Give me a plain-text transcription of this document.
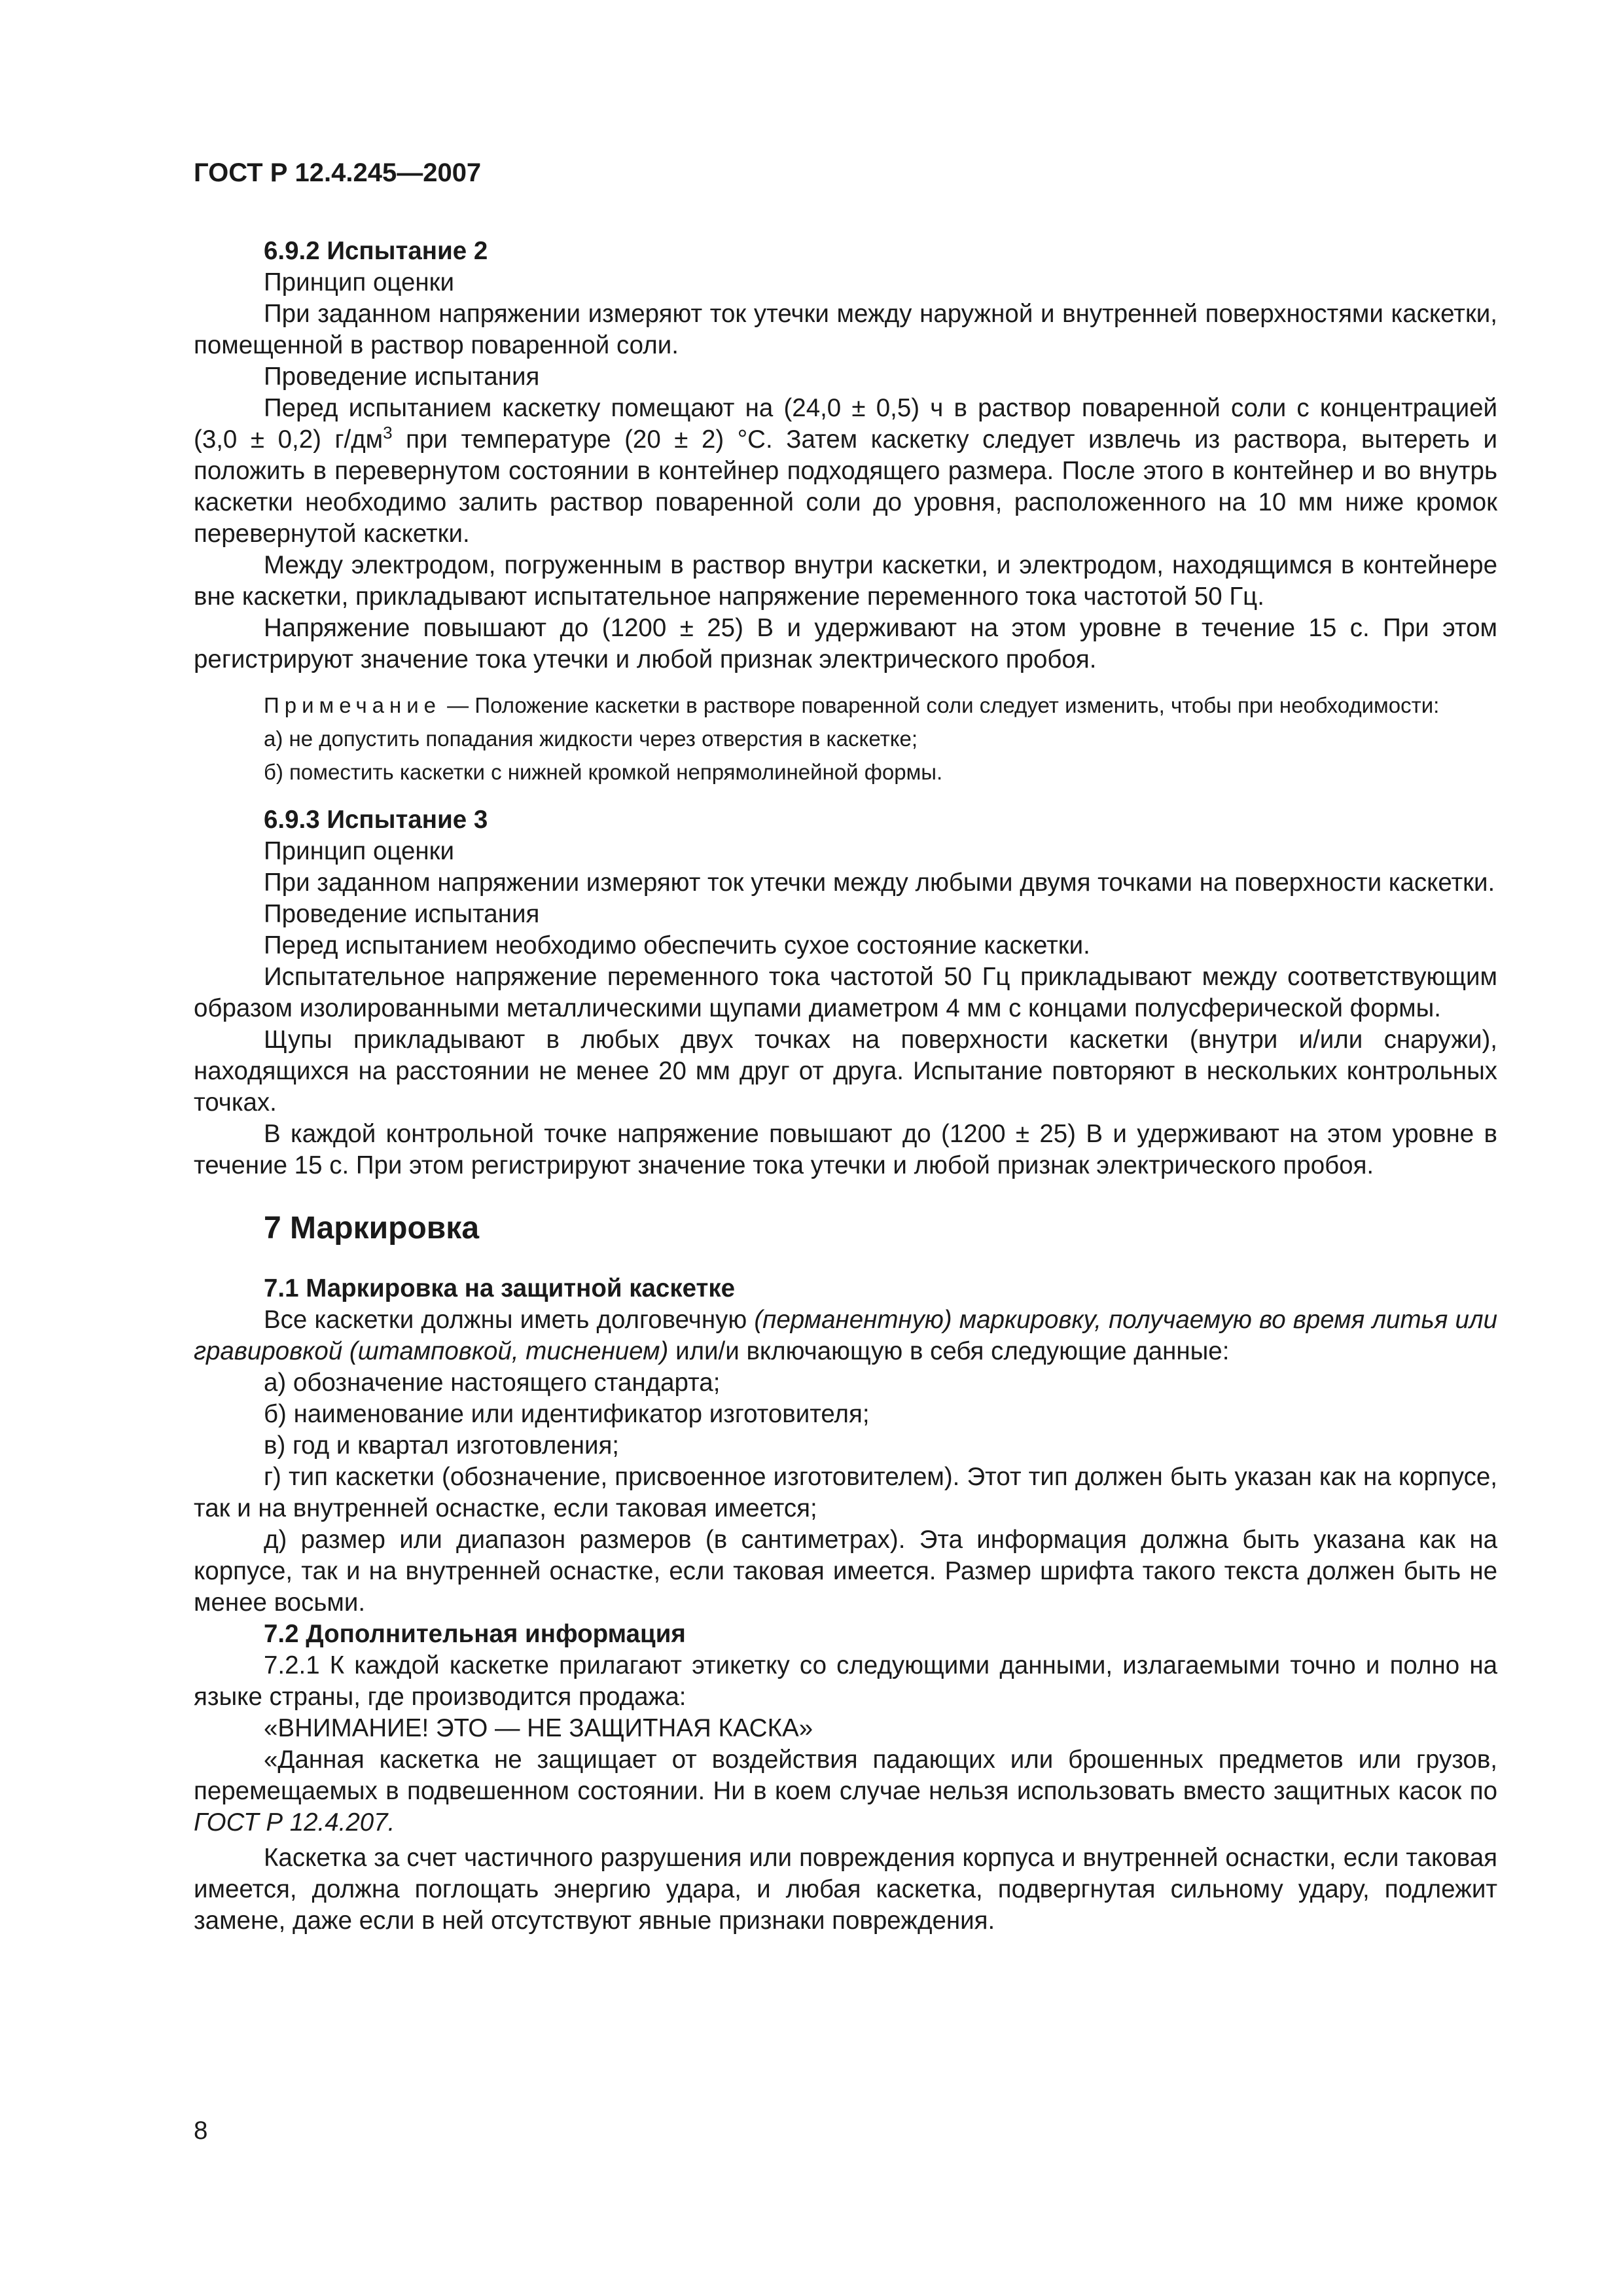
ГОСТ Р 12.4.245—2007

6.9.2 Испытание 2

Принцип оценки

При заданном напряжении измеряют ток утечки между наружной и внутренней поверхностями каскетки, помещенной в раствор поваренной соли.

Проведение испытания

Перед испытанием каскетку помещают на (24,0 ± 0,5) ч в раствор поваренной соли с концентрацией (3,0 ± 0,2) $г/дм^3$ при температуре (20 ± 2) °С. Затем каскетку следует извлечь из раствора, вытереть и положить в перевернутом состоянии в контейнер подходящего размера. После этого в контейнер и во внутрь каскетки необходимо залить раствор поваренной соли до уровня, расположенного на 10 мм ниже кромок перевернутой каскетки.

Между электродом, погруженным в раствор внутри каскетки, и электродом, находящимся в контейнере вне каскетки, прикладывают испытательное напряжение переменного тока частотой 50 Гц.

Напряжение повышают до (1200 ± 25) В и удерживают на этом уровне в течение 15 с. При этом регистрируют значение тока утечки и любой признак электрического пробоя.

Примечание — Положение каскетки в растворе поваренной соли следует изменить, чтобы при необходимости:

а) не допустить попадания жидкости через отверстия в каскетке;

б) поместить каскетки с нижней кромкой непрямолинейной формы.

6.9.3 Испытание 3

Принцип оценки

При заданном напряжении измеряют ток утечки между любыми двумя точками на поверхности каскетки.

Проведение испытания

Перед испытанием необходимо обеспечить сухое состояние каскетки.

Испытательное напряжение переменного тока частотой 50 Гц прикладывают между соответствующим образом изолированными металлическими щупами диаметром 4 мм с концами полусферической формы.

Щупы прикладывают в любых двух точках на поверхности каскетки (внутри и/или снаружи), находящихся на расстоянии не менее 20 мм друг от друга. Испытание повторяют в нескольких контрольных точках.

В каждой контрольной точке напряжение повышают до (1200 ± 25) В и удерживают на этом уровне в течение 15 с. При этом регистрируют значение тока утечки и любой признак электрического пробоя.

7 Маркировка

7.1 Маркировка на защитной каскетке

Все каскетки должны иметь долговечную (перманентную) маркировку, получаемую во время литья или гравировкой (штамповкой, тиснением) или/и включающую в себя следующие данные:

а) обозначение настоящего стандарта;

б) наименование или идентификатор изготовителя;

в) год и квартал изготовления;

г) тип каскетки (обозначение, присвоенное изготовителем). Этот тип должен быть указан как на корпусе, так и на внутренней оснастке, если таковая имеется;

д) размер или диапазон размеров (в сантиметрах). Эта информация должна быть указана как на корпусе, так и на внутренней оснастке, если таковая имеется. Размер шрифта такого текста должен быть не менее восьми.

7.2 Дополнительная информация

7.2.1 К каждой каскетке прилагают этикетку со следующими данными, излагаемыми точно и полно на языке страны, где производится продажа:

«ВНИМАНИЕ! ЭТО — НЕ ЗАЩИТНАЯ КАСКА»

«Данная каскетка не защищает от воздействия падающих или брошенных предметов или грузов, перемещаемых в подвешенном состоянии. Ни в коем случае нельзя использовать вместо защитных касок по ГОСТ Р 12.4.207.

Каскетка за счет частичного разрушения или повреждения корпуса и внутренней оснастки, если таковая имеется, должна поглощать энергию удара, и любая каскетка, подвергнутая сильному удару, подлежит замене, даже если в ней отсутствуют явные признаки повреждения.

8
